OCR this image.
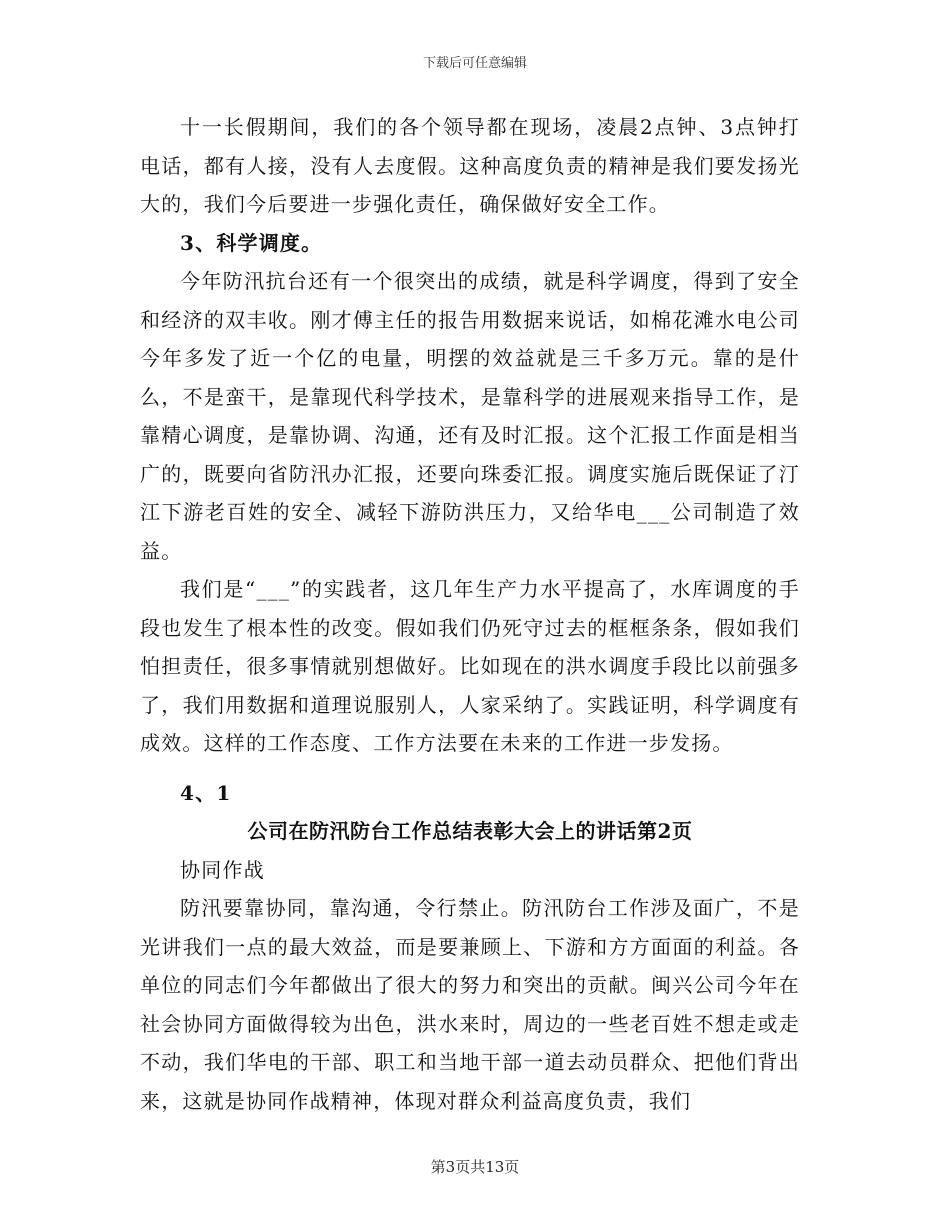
下载后可任意编辑

十一长假期间，我们的各个领导都在现场，凌晨2点钟、3点钟打电话，都有人接，没有人去度假。这种高度负责的精神是我们要发扬光大的，我们今后要进一步强化责任，确保做好安全工作。

3、科学调度。

今年防汛抗台还有一个很突出的成绩，就是科学调度，得到了安全和经济的双丰收。刚才傅主任的报告用数据来说话，如棉花滩水电公司今年多发了近一个亿的电量，明摆的效益就是三千多万元。靠的是什么，不是蛮干，是靠现代科学技术，是靠科学的进展观来指导工作，是靠精心调度，是靠协调、沟通，还有及时汇报。这个汇报工作面是相当广的，既要向省防汛办汇报，还要向珠委汇报。调度实施后既保证了汀江下游老百姓的安全、减轻下游防洪压力，又给华电___公司制造了效益。

我们是“___”的实践者，这几年生产力水平提高了，水库调度的手段也发生了根本性的改变。假如我们仍死守过去的框框条条，假如我们怕担责任，很多事情就别想做好。比如现在的洪水调度手段比以前强多了，我们用数据和道理说服别人，人家采纳了。实践证明，科学调度有成效。这样的工作态度、工作方法要在未来的工作进一步发扬。

4、1

公司在防汛防台工作总结表彰大会上的讲话第2页

协同作战

防汛要靠协同，靠沟通，令行禁止。防汛防台工作涉及面广，不是光讲我们一点的最大效益，而是要兼顾上、下游和方方面面的利益。各单位的同志们今年都做出了很大的努力和突出的贡献。闽兴公司今年在社会协同方面做得较为出色，洪水来时，周边的一些老百姓不想走或走不动，我们华电的干部、职工和当地干部一道去动员群众、把他们背出来，这就是协同作战精神，体现对群众利益高度负责，我们

第3页共13页
